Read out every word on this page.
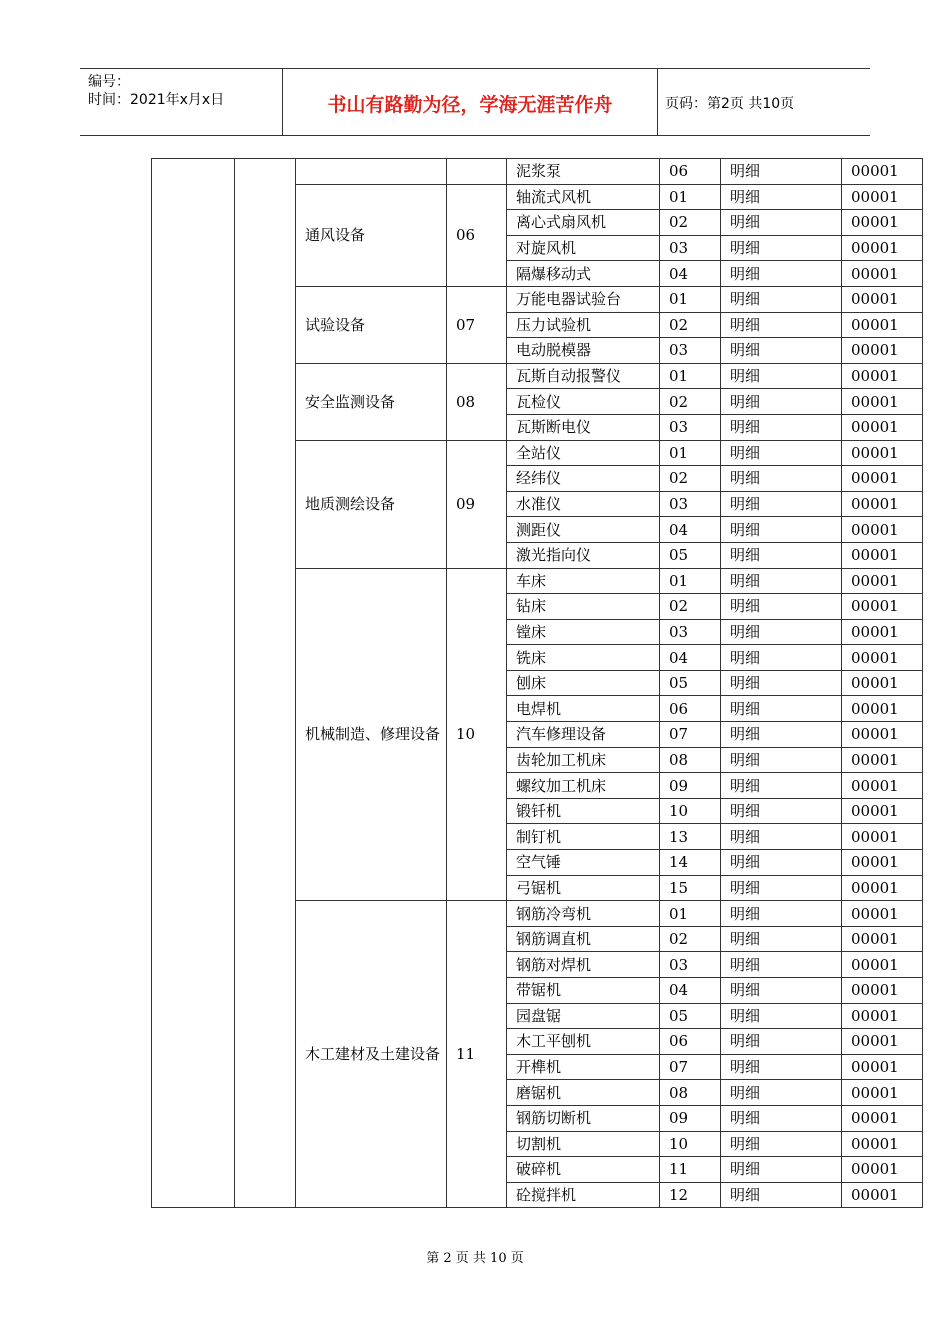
编号：
时间：2021年x月x日	书山有路勤为径，学海无涯苦作舟	页码：第2页 共10页
				泥浆泵	06	明细	00001
		通风设备	06	轴流式风机	01	明细	00001
				离心式扇风机	02	明细	00001
				对旋风机	03	明细	00001
				隔爆移动式	04	明细	00001
		试验设备	07	万能电器试验台	01	明细	00001
				压力试验机	02	明细	00001
				电动脱模器	03	明细	00001
		安全监测设备	08	瓦斯自动报警仪	01	明细	00001
				瓦检仪	02	明细	00001
				瓦斯断电仪	03	明细	00001
		地质测绘设备	09	全站仪	01	明细	00001
				经纬仪	02	明细	00001
				水准仪	03	明细	00001
				测距仪	04	明细	00001
				激光指向仪	05	明细	00001
		机械制造、修理设备	10	车床	01	明细	00001
				钻床	02	明细	00001
				镗床	03	明细	00001
				铣床	04	明细	00001
				刨床	05	明细	00001
				电焊机	06	明细	00001
				汽车修理设备	07	明细	00001
				齿轮加工机床	08	明细	00001
				螺纹加工机床	09	明细	00001
				锻钎机	10	明细	00001
				制钉机	13	明细	00001
				空气锤	14	明细	00001
				弓锯机	15	明细	00001
		木工建材及土建设备	11	钢筋冷弯机	01	明细	00001
				钢筋调直机	02	明细	00001
				钢筋对焊机	03	明细	00001
				带锯机	04	明细	00001
				园盘锯	05	明细	00001
				木工平刨机	06	明细	00001
				开榫机	07	明细	00001
				磨锯机	08	明细	00001
				钢筋切断机	09	明细	00001
				切割机	10	明细	00001
				破碎机	11	明细	00001
				砼搅拌机	12	明细	00001
第 2 页 共 10 页
